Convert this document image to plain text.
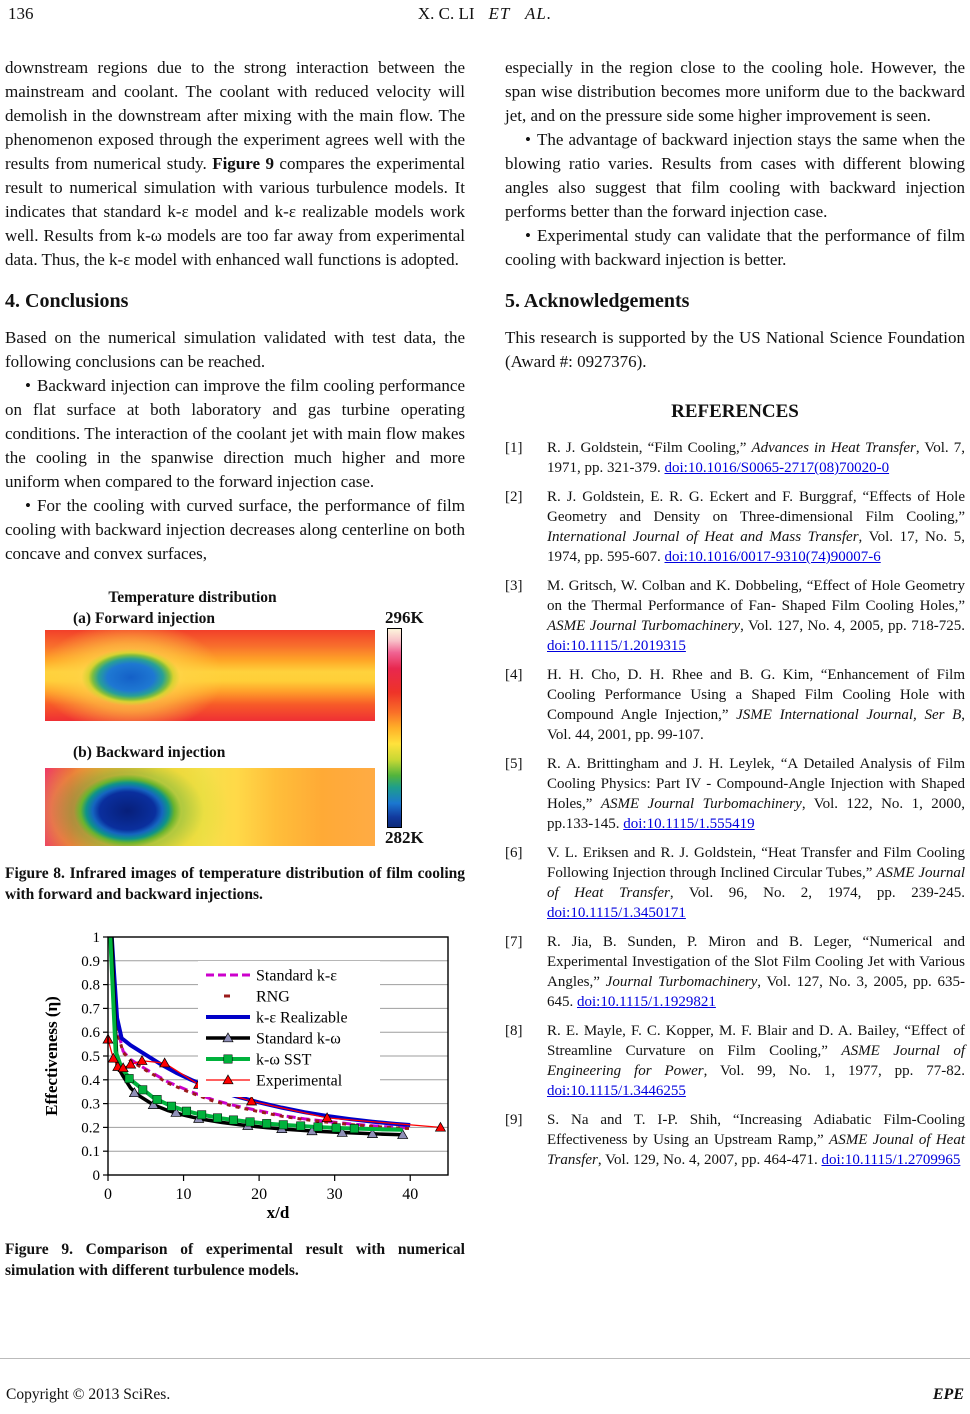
136	X. C. LI ET AL.

downstream regions due to the strong interaction between the mainstream and coolant. The coolant with reduced velocity will demolish in the downstream after mixing with the main flow. The phenomenon exposed through the experiment agrees well with the results from numerical study. Figure 9 compares the experimental result to numerical simulation with various turbulence models. It indicates that standard k-ε model and k-ε realizable models work well. Results from k-ω models are too far away from experimental data. Thus, the k-ε model with enhanced wall functions is adopted.

4. Conclusions

Based on the numerical simulation validated with test data, the following conclusions can be reached.

• Backward injection can improve the film cooling performance on flat surface at both laboratory and gas turbine operating conditions. The interaction of the coolant jet with main flow makes the cooling in the spanwise direction much higher and more uniform when compared to the forward injection case.

• For the cooling with curved surface, the performance of film cooling with backward injection decreases along centerline on both concave and convex surfaces,

Temperature distribution
(a) Forward injection
(b) Backward injection
296K
282K
Figure 8. Infrared images of temperature distribution of film cooling with forward and backward injections.
0
0.1
0.2
0.3
0.4
0.5
0.6
0.7
0.8
0.9
1
0	10	20	30	40
x/d
Effectiveness (η)
Standard k-ε
RNG
k-ε Realizable
Standard k-ω
k-ω SST
Experimental
Figure 9. Comparison of experimental result with numerical simulation with different turbulence models.

especially in the region close to the cooling hole. However, the span wise distribution becomes more uniform due to the backward jet, and on the pressure side some higher improvement is seen.

• The advantage of backward injection stays the same when the blowing ratio varies. Results from cases with different blowing angles also suggest that film cooling with backward injection performs better than the forward injection case.

• Experimental study can validate that the performance of film cooling with backward injection is better.

5. Acknowledgements

This research is supported by the US National Science Foundation (Award #: 0927376).

REFERENCES
[1] R. J. Goldstein, “Film Cooling,” Advances in Heat Transfer, Vol. 7, 1971, pp. 321-379. doi:10.1016/S0065-2717(08)70020-0
[2] R. J. Goldstein, E. R. G. Eckert and F. Burggraf, “Effects of Hole Geometry and Density on Three-dimensional Film Cooling,” International Journal of Heat and Mass Transfer, Vol. 17, No. 5, 1974, pp. 595-607. doi:10.1016/0017-9310(74)90007-6
[3] M. Gritsch, W. Colban and K. Dobbeling, “Effect of Hole Geometry on the Thermal Performance of Fan- Shaped Film Cooling Holes,” ASME Journal Turbomachinery, Vol. 127, No. 4, 2005, pp. 718-725. doi:10.1115/1.2019315
[4] H. H. Cho, D. H. Rhee and B. G. Kim, “Enhancement of Film Cooling Performance Using a Shaped Film Cooling Hole with Compound Angle Injection,” JSME International Journal, Ser B, Vol. 44, 2001, pp. 99-107.
[5] R. A. Brittingham and J. H. Leylek, “A Detailed Analysis of Film Cooling Physics: Part IV - Compound-Angle Injection with Shaped Holes,” ASME Journal Turbomachinery, Vol. 122, No. 1, 2000, pp.133-145. doi:10.1115/1.555419
[6] V. L. Eriksen and R. J. Goldstein, “Heat Transfer and Film Cooling Following Injection through Inclined Circular Tubes,” ASME Journal of Heat Transfer, Vol. 96, No. 2, 1974, pp. 239-245. doi:10.1115/1.3450171
[7] R. Jia, B. Sunden, P. Miron and B. Leger, “Numerical and Experimental Investigation of the Slot Film Cooling Jet with Various Angles,” Journal Turbomachinery, Vol. 127, No. 3, 2005, pp. 635-645. doi:10.1115/1.1929821
[8] R. E. Mayle, F. C. Kopper, M. F. Blair and D. A. Bailey, “Effect of Streamline Curvature on Film Cooling,” ASME Journal of Engineering for Power, Vol. 99, No. 1, 1977, pp. 77-82. doi:10.1115/1.3446255
[9] S. Na and T. I-P. Shih, “Increasing Adiabatic Film-Cooling Effectiveness by Using an Upstream Ramp,” ASME Jounal of Heat Transfer, Vol. 129, No. 4, 2007, pp. 464-471. doi:10.1115/1.2709965
Copyright © 2013 SciRes.	EPE
